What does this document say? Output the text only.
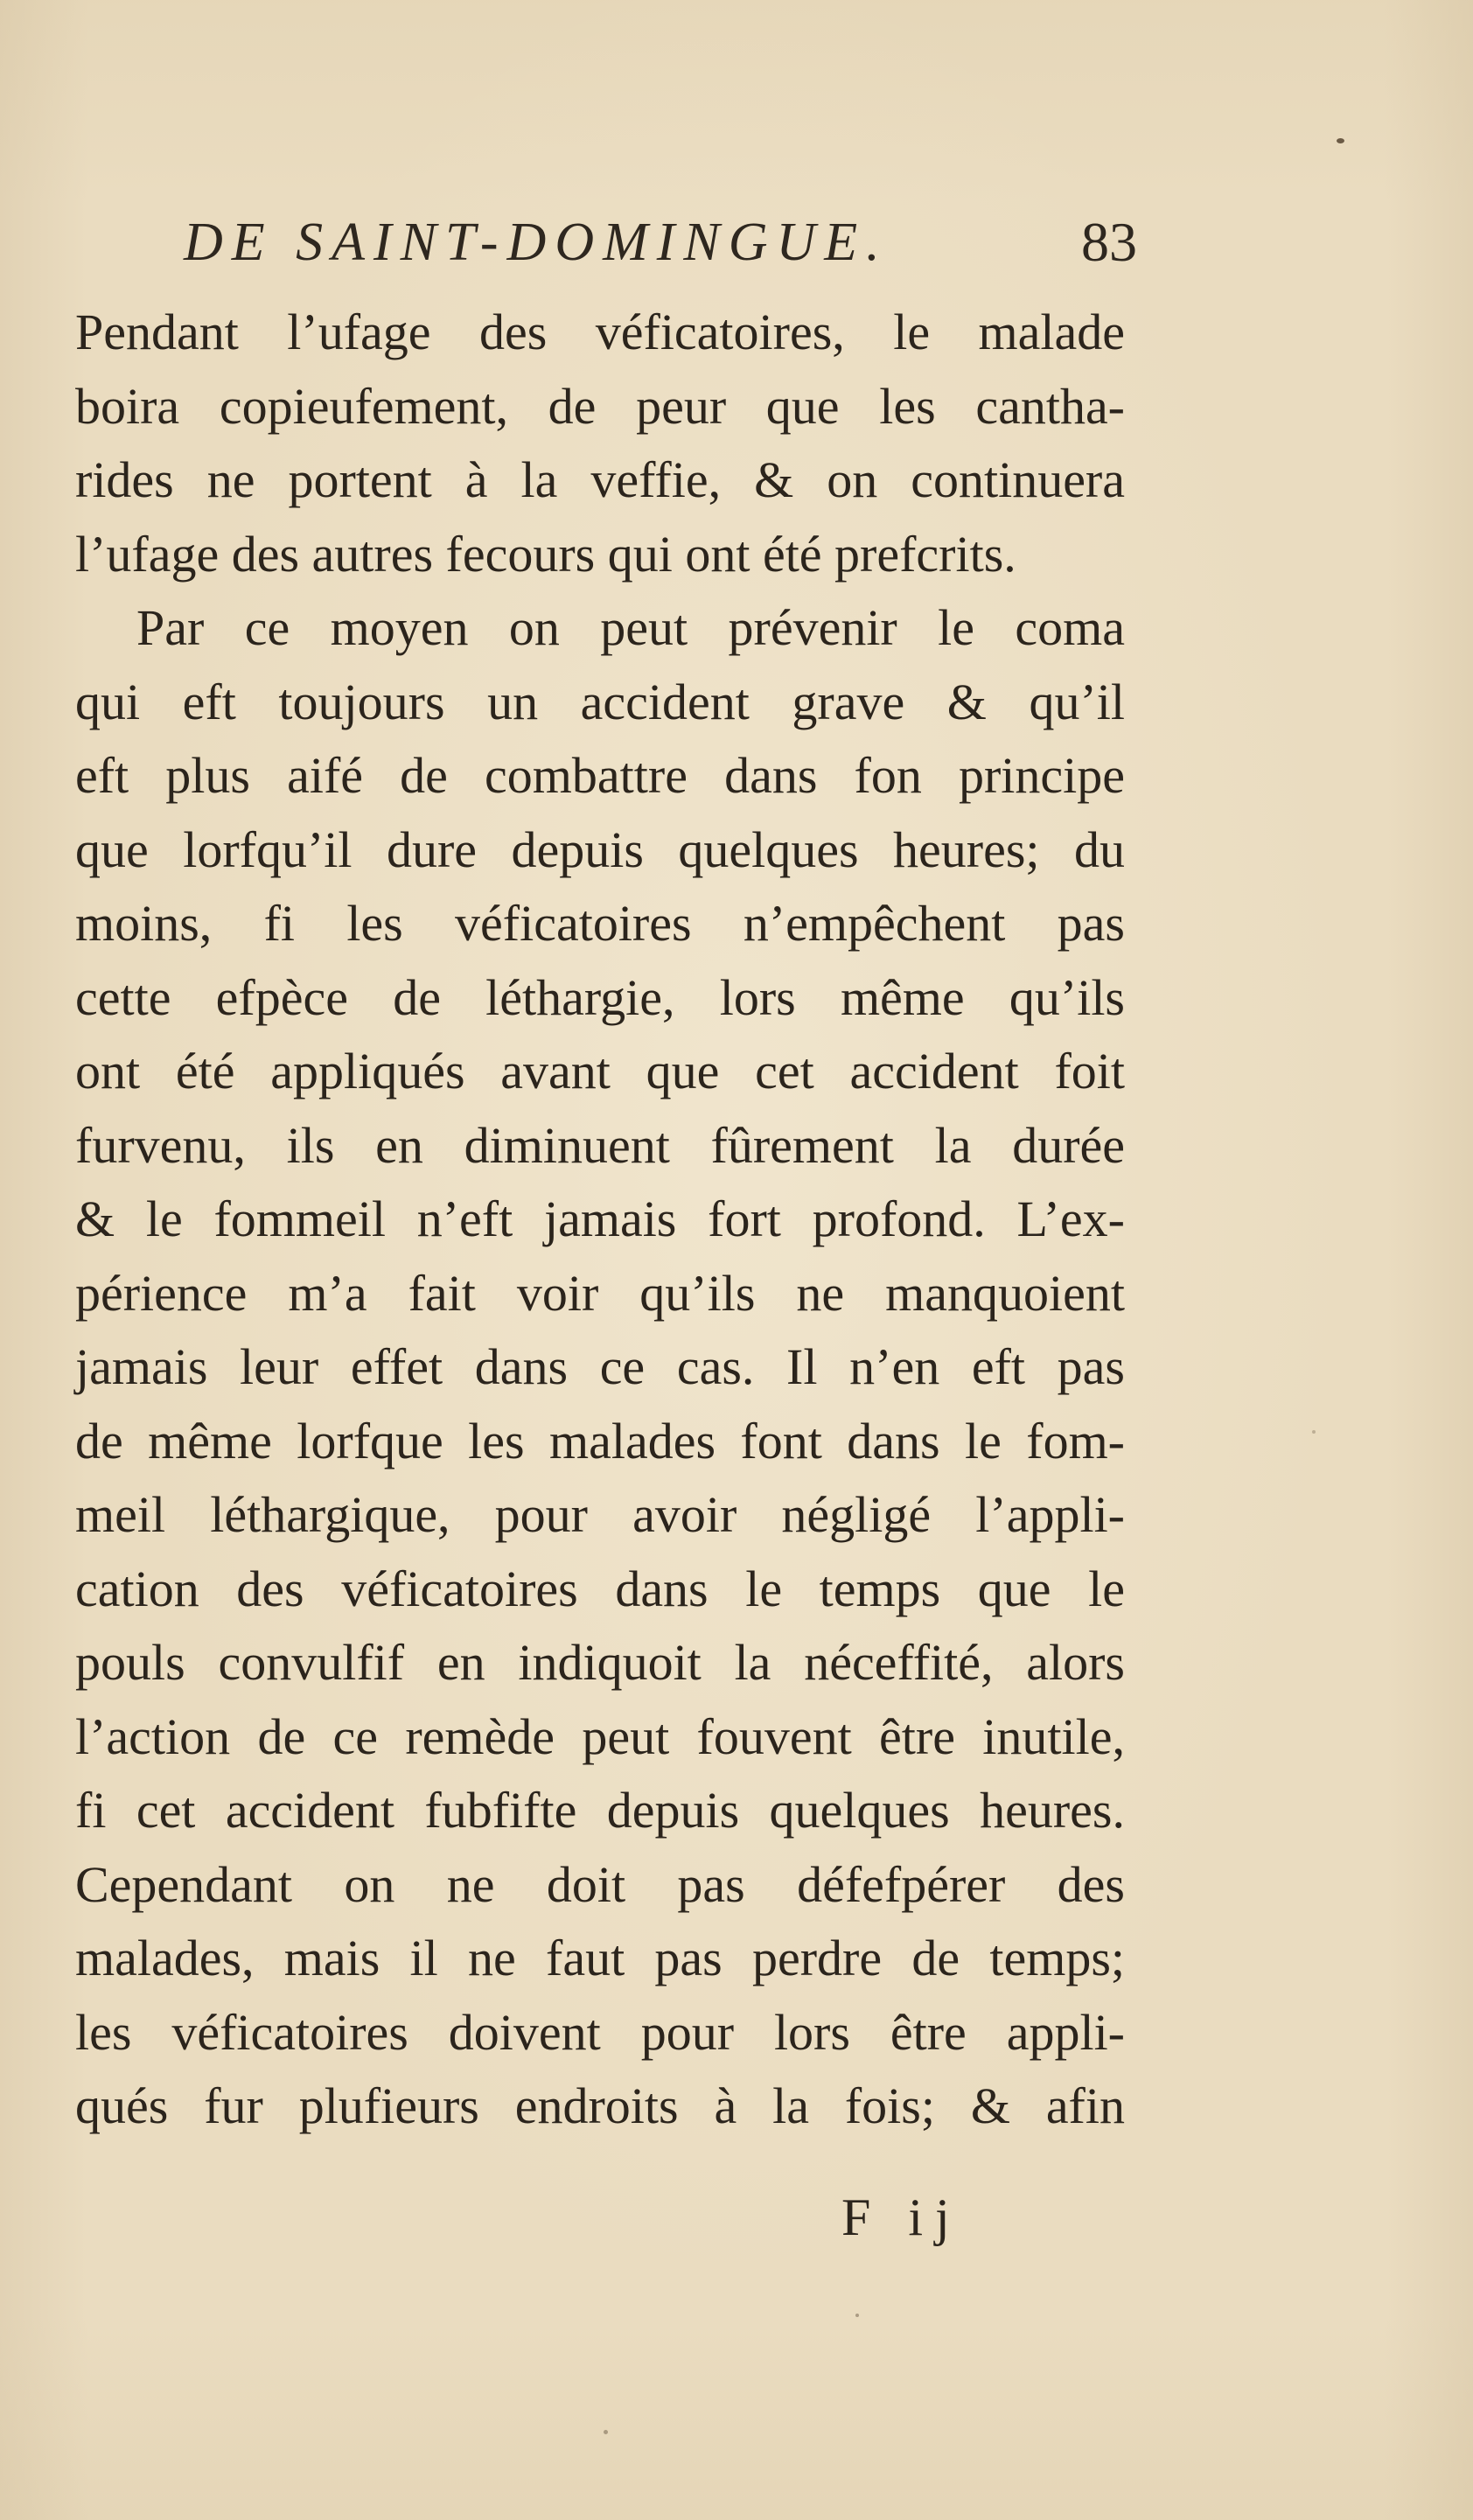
DE SAINT-DOMINGUE.	83
Pendant l’ufage des véficatoires, le malade
boira copieufement, de peur que les cantha-
rides ne portent à la veffie, & on continuera
l’ufage des autres fecours qui ont été prefcrits.
Par ce moyen on peut prévenir le coma
qui eft toujours un accident grave & qu’il
eft plus aifé de combattre dans fon principe
que lorfqu’il dure depuis quelques heures; du
moins, fi les véficatoires n’empêchent pas
cette efpèce de léthargie, lors même qu’ils
ont été appliqués avant que cet accident foit
furvenu, ils en diminuent fûrement la durée
& le fommeil n’eft jamais fort profond. L’ex-
périence m’a fait voir qu’ils ne manquoient
jamais leur effet dans ce cas. Il n’en eft pas
de même lorfque les malades font dans le fom-
meil léthargique, pour avoir négligé l’appli-
cation des véficatoires dans le temps que le
pouls convulfif en indiquoit la néceffité, alors
l’action de ce remède peut fouvent être inutile,
fi cet accident fubfifte depuis quelques heures.
Cependant on ne doit pas défefpérer des
malades, mais il ne faut pas perdre de temps;
les véficatoires doivent pour lors être appli-
qués fur plufieurs endroits à la fois; & afin
F ij
